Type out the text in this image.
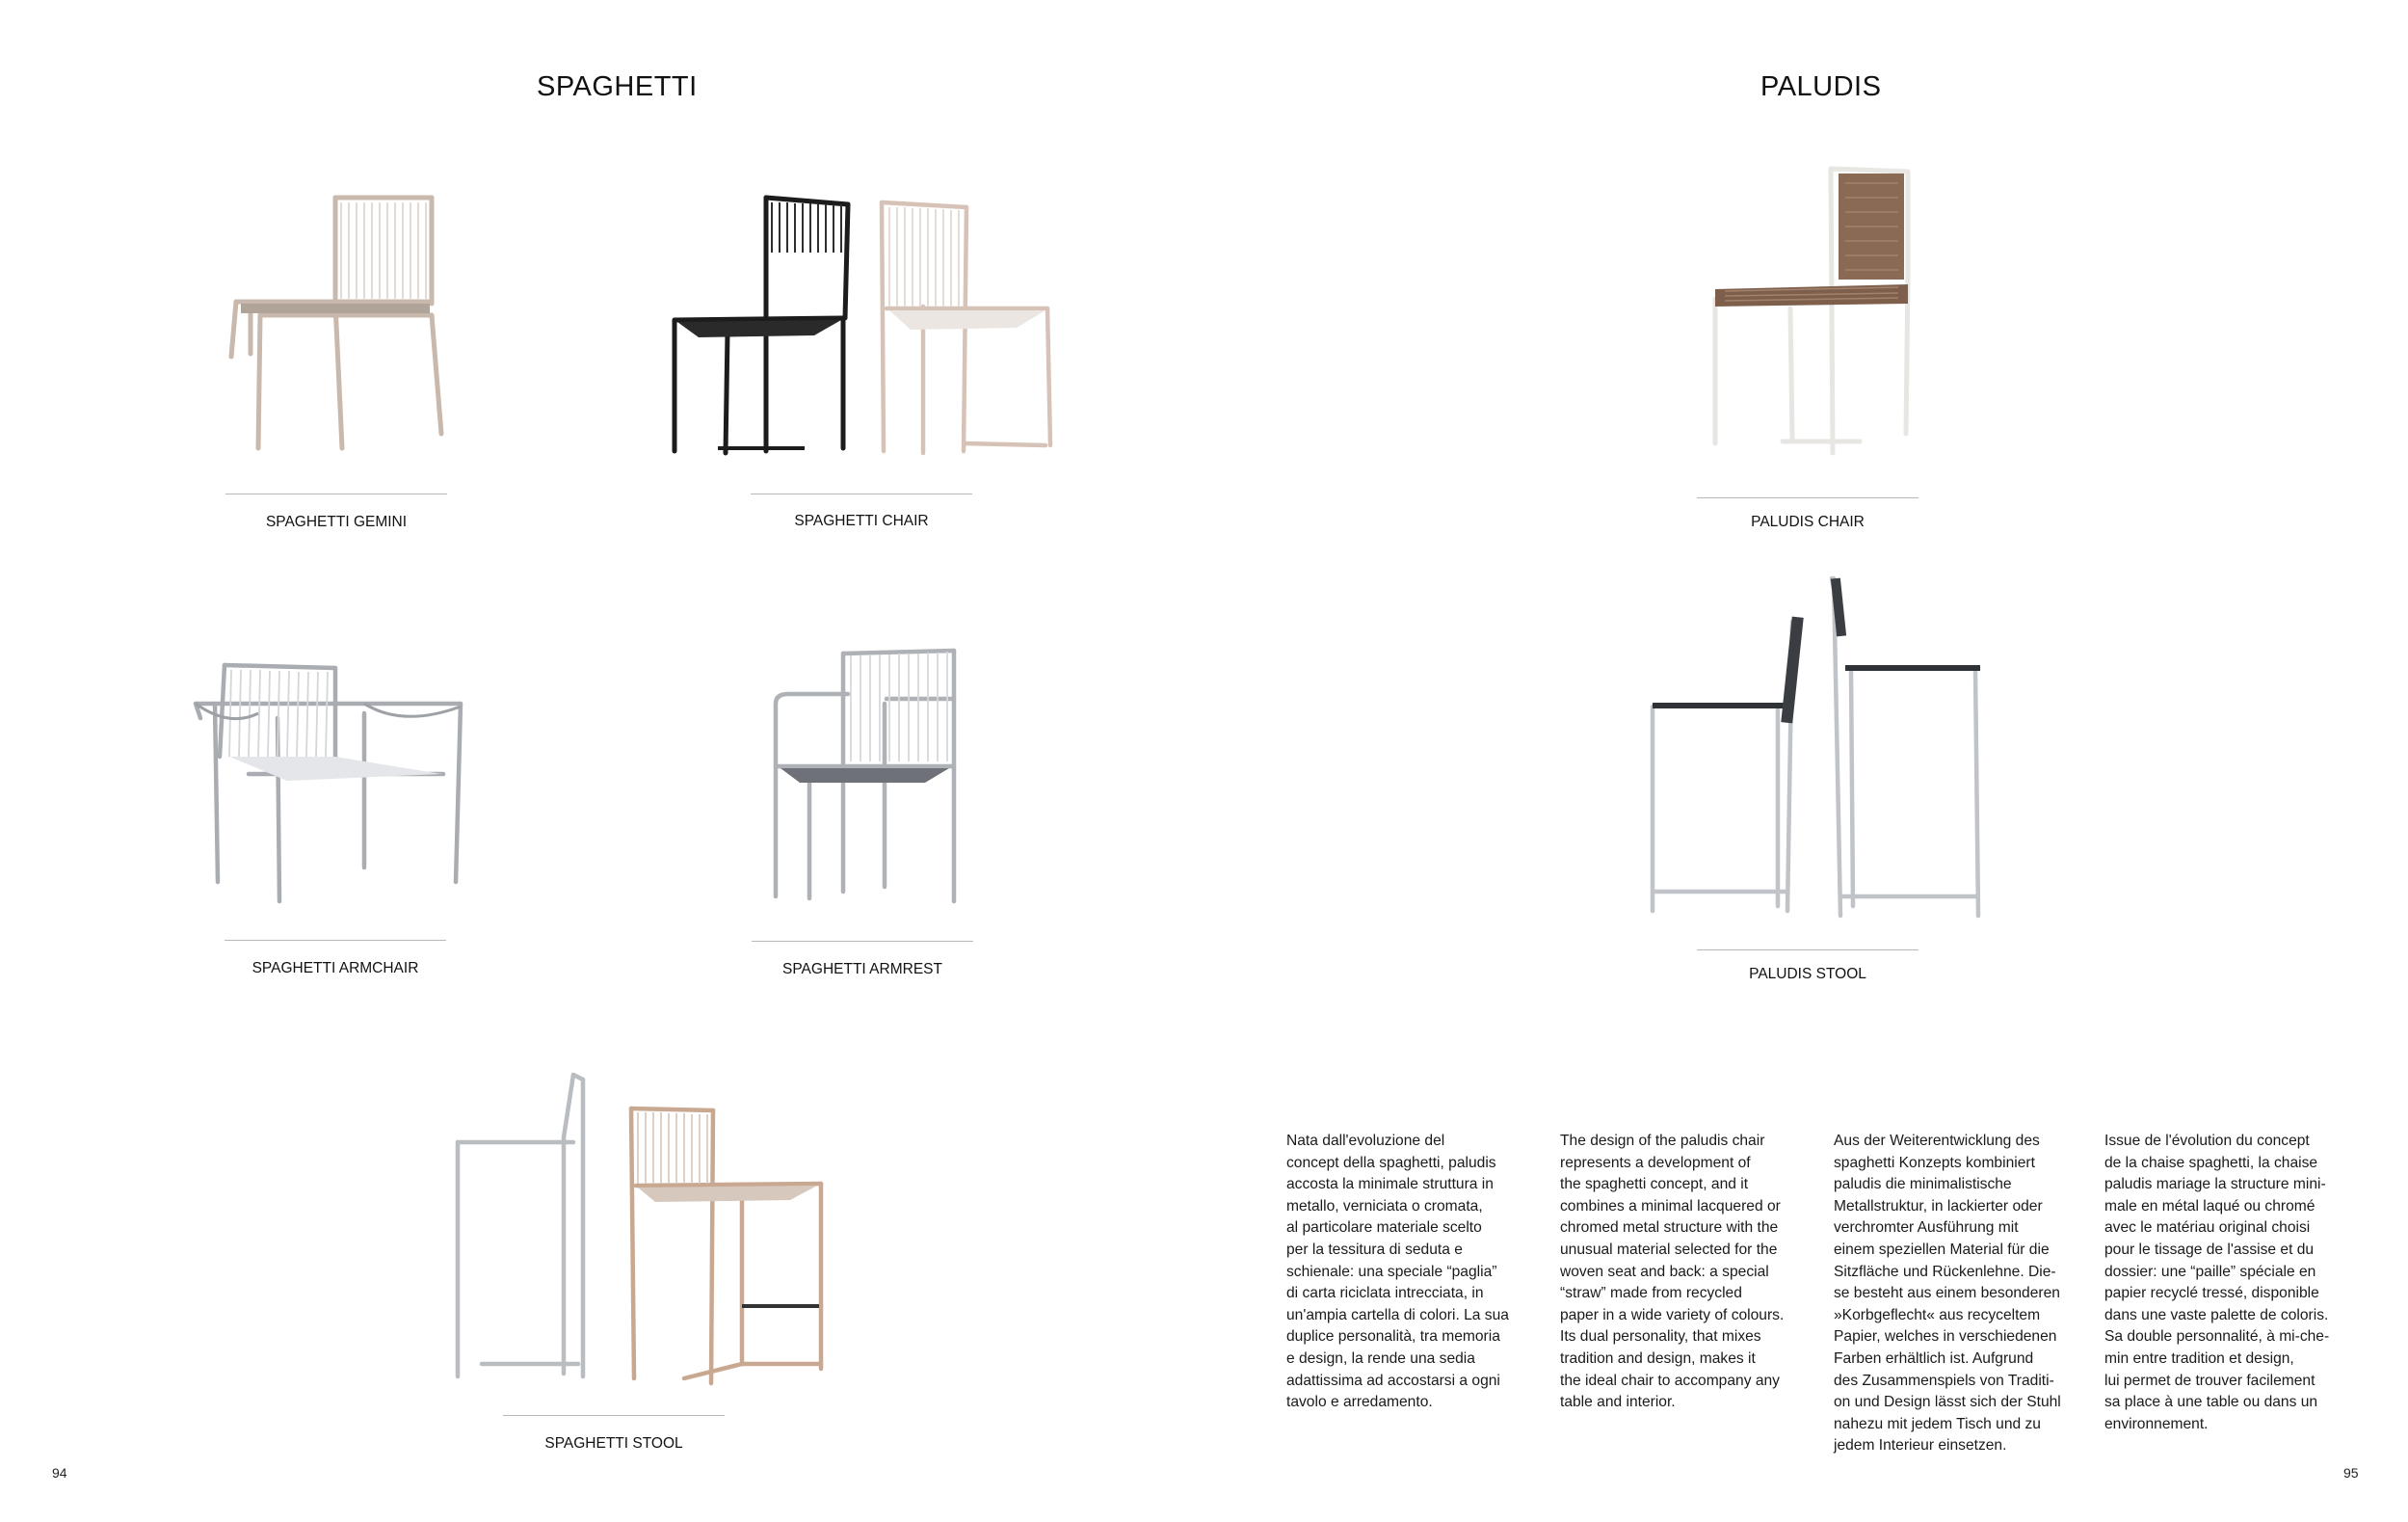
SPAGHETTI	PALUDIS
SPAGHETTI GEMINI	SPAGHETTI CHAIR
SPAGHETTI ARMCHAIR	SPAGHETTI ARMREST
SPAGHETTI STOOL
PALUDIS CHAIR
PALUDIS STOOL

Nata dall'evoluzione del
concept della spaghetti, paludis
accosta la minimale struttura in
metallo, verniciata o cromata,
al particolare materiale scelto
per la tessitura di seduta e
schienale: una speciale “paglia”
di carta riciclata intrecciata, in
un'ampia cartella di colori. La sua
duplice personalità, tra memoria
e design, la rende una sedia
adattissima ad accostarsi a ogni
tavolo e arredamento.

The design of the paludis chair
represents a development of
the spaghetti concept, and it
combines a minimal lacquered or
chromed metal structure with the
unusual material selected for the
woven seat and back: a special
“straw” made from recycled
paper in a wide variety of colours.
Its dual personality, that mixes
tradition and design, makes it
the ideal chair to accompany any
table and interior.

Aus der Weiterentwicklung des
spaghetti Konzepts kombiniert
paludis die minimalistische
Metallstruktur, in lackierter oder
verchromter Ausführung mit
einem speziellen Material für die
Sitzfläche und Rückenlehne. Die-
se besteht aus einem besonderen
»Korbgeflecht« aus recyceltem
Papier, welches in verschiedenen
Farben erhältlich ist. Aufgrund
des Zusammenspiels von Traditi-
on und Design lässt sich der Stuhl
nahezu mit jedem Tisch und zu
jedem Interieur einsetzen.

Issue de l'évolution du concept
de la chaise spaghetti, la chaise
paludis mariage la structure mini-
male en métal laqué ou chromé
avec le matériau original choisi
pour le tissage de l'assise et du
dossier: une “paille” spéciale en
papier recyclé tressé, disponible
dans une vaste palette de coloris.
Sa double personnalité, à mi-che-
min entre tradition et design,
lui permet de trouver facilement
sa place à une table ou dans un
environnement.

94	95
